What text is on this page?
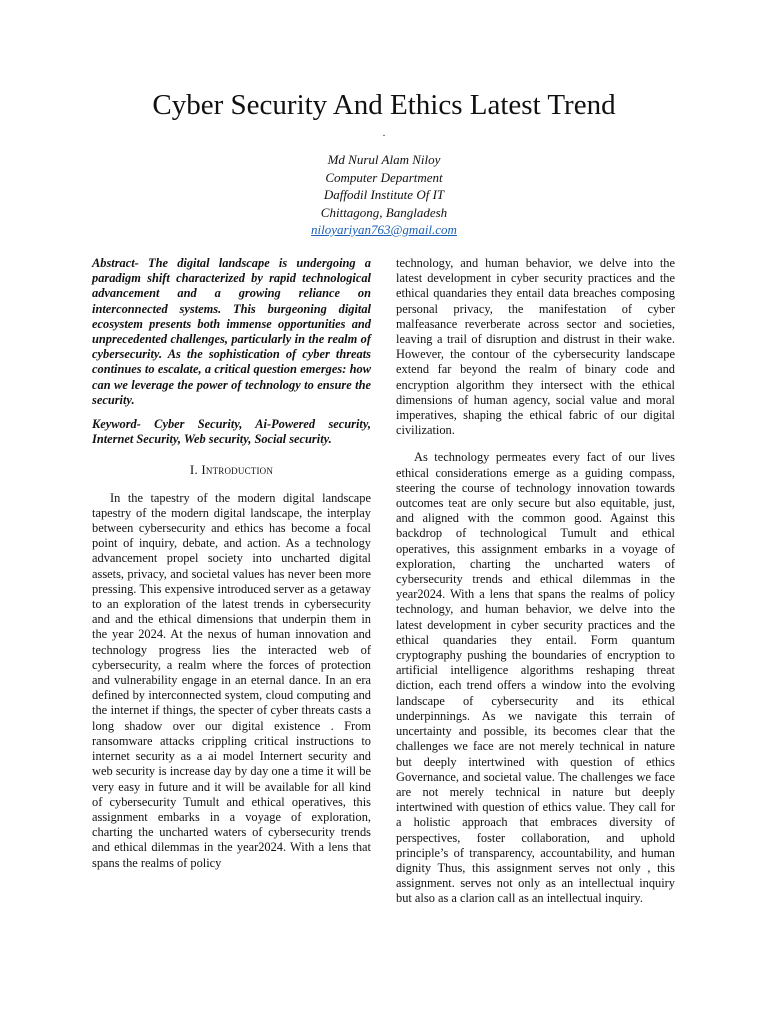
Cyber Security And Ethics Latest Trend
.
Md Nurul Alam Niloy
Computer Department
Daffodil Institute Of IT
Chittagong, Bangladesh
niloyariyan763@gmail.com

Abstract- The digital landscape is undergoing a paradigm shift characterized by rapid technological advancement and a growing reliance on interconnected systems. This burgeoning digital ecosystem presents both immense opportunities and unprecedented challenges, particularly in the realm of cybersecurity. As the sophistication of cyber threats continues to escalate, a critical question emerges: how can we leverage the power of technology to ensure the security.

Keyword- Cyber Security, Ai-Powered security, Internet Security, Web security, Social security.

I. Introduction

In the tapestry of the modern digital landscape tapestry of the modern digital landscape, the interplay between cybersecurity and ethics has become a focal point of inquiry, debate, and action. As a technology advancement propel society into uncharted digital assets, privacy, and societal values has never been more pressing. This expensive introduced server as a getaway to an exploration of the latest trends in cybersecurity and and the ethical dimensions that underpin them in the year 2024. At the nexus of human innovation and technology progress lies the interacted web of cybersecurity, a realm where the forces of protection and vulnerability engage in an eternal dance. In an era defined by interconnected system, cloud computing and the internet if things, the specter of cyber threats casts a long shadow over our digital existence . From ransomware attacks crippling critical instructions to internet security as a ai model Internert security and web security is increase day by day one a time it will be very easy in future and it will be available for all kind of cybersecurity Tumult and ethical operatives, this assignment embarks in a voyage of exploration, charting the uncharted waters of cybersecurity trends and ethical dilemmas in the year2024. With a lens that spans the realms of policy

technology, and human behavior, we delve into the latest development in cyber security practices and the ethical quandaries they entail data breaches composing personal privacy, the manifestation of cyber malfeasance reverberate across sector and societies, leaving a trail of disruption and distrust in their wake. However, the contour of the cybersecurity landscape extend far beyond the realm of binary code and encryption algorithm they intersect with the ethical dimensions of human agency, social value and moral imperatives, shaping the ethical fabric of our digital civilization.

As technology permeates every fact of our lives ethical considerations emerge as a guiding compass, steering the course of technology innovation towards outcomes teat are only secure but also equitable, just, and aligned with the common good. Against this backdrop of technological Tumult and ethical operatives, this assignment embarks in a voyage of exploration, charting the uncharted waters of cybersecurity trends and ethical dilemmas in the year2024. With a lens that spans the realms of policy technology, and human behavior, we delve into the latest development in cyber security practices and the ethical quandaries they entail. Form quantum cryptography pushing the boundaries of encryption to artificial intelligence algorithms reshaping threat diction, each trend offers a window into the evolving landscape of cybersecurity and its ethical underpinnings. As we navigate this terrain of uncertainty and possible, its becomes clear that the challenges we face are not merely technical in nature but deeply intertwined with question of ethics Governance, and societal value. The challenges we face are not merely technical in nature but deeply intertwined with question of ethics value. They call for a holistic approach that embraces diversity of perspectives, foster collaboration, and uphold principle’s of transparency, accountability, and human dignity Thus, this assignment serves not only , this assignment. serves not only as an intellectual inquiry but also as a clarion call as an intellectual inquiry.
